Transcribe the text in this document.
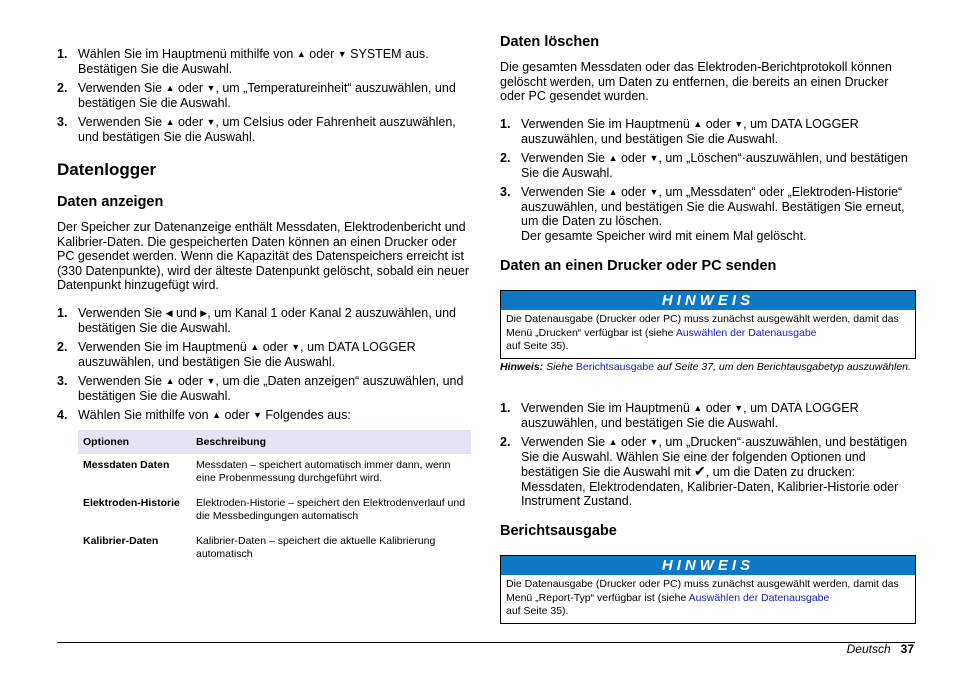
1. Wählen Sie im Hauptmenü mithilfe von ▲ oder ▼ SYSTEM aus. Bestätigen Sie die Auswahl.
2. Verwenden Sie ▲ oder ▼, um „Temperatureinheit“ auszuwählen, und bestätigen Sie die Auswahl.
3. Verwenden Sie ▲ oder ▼, um Celsius oder Fahrenheit auszuwählen, und bestätigen Sie die Auswahl.
Datenlogger
Daten anzeigen

Der Speicher zur Datenanzeige enthält Messdaten, Elektrodenbericht und Kalibrier-Daten. Die gespeicherten Daten können an einen Drucker oder PC gesendet werden. Wenn die Kapazität des Datenspeichers erreicht ist (330 Datenpunkte), wird der älteste Datenpunkt gelöscht, sobald ein neuer Datenpunkt hinzugefügt wird.

1. Verwenden Sie ◀ und ▶, um Kanal 1 oder Kanal 2 auszuwählen, und bestätigen Sie die Auswahl.
2. Verwenden Sie im Hauptmenü ▲ oder ▼, um DATA LOGGER auszuwählen, und bestätigen Sie die Auswahl.
3. Verwenden Sie ▲ oder ▼, um die „Daten anzeigen“ auszuwählen, und bestätigen Sie die Auswahl.
4. Wählen Sie mithilfe von ▲ oder ▼ Folgendes aus:
Optionen	Beschreibung
Messdaten Daten	Messdaten – speichert automatisch immer dann, wenn eine Probenmessung durchgeführt wird.
Elektroden-Historie	Elektroden-Historie – speichert den Elektrodenverlauf und die Messbedingungen automatisch
Kalibrier-Daten	Kalibrier-Daten – speichert die aktuelle Kalibrierung automatisch
Daten löschen

Die gesamten Messdaten oder das Elektroden-Berichtprotokoll können gelöscht werden, um Daten zu entfernen, die bereits an einen Drucker oder PC gesendet wurden.

1. Verwenden Sie im Hauptmenü ▲ oder ▼, um DATA LOGGER auszuwählen, und bestätigen Sie die Auswahl.
2. Verwenden Sie ▲ oder ▼, um „Löschen“·auszuwählen, und bestätigen Sie die Auswahl.
3. Verwenden Sie ▲ oder ▼, um „Messdaten“ oder „Elektroden-Historie“ auszuwählen, und bestätigen Sie die Auswahl. Bestätigen Sie erneut, um die Daten zu löschen.
Der gesamte Speicher wird mit einem Mal gelöscht.
Daten an einen Drucker oder PC senden
HINWEIS
Die Datenausgabe (Drucker oder PC) muss zunächst ausgewählt werden, damit das Menü „Drucken“ verfügbar ist (siehe Auswählen der Datenausgabe
auf Seite 35).
Hinweis: Siehe Berichtsausgabe auf Seite 37, um den Berichtausgabetyp auszuwählen.
1. Verwenden Sie im Hauptmenü ▲ oder ▼, um DATA LOGGER auszuwählen, und bestätigen Sie die Auswahl.
2. Verwenden Sie ▲ oder ▼, um „Drucken“·auszuwählen, und bestätigen Sie die Auswahl. Wählen Sie eine der folgenden Optionen und bestätigen Sie die Auswahl mit ✔, um die Daten zu drucken: Messdaten, Elektrodendaten, Kalibrier-Daten, Kalibrier-Historie oder Instrument Zustand.
Berichtsausgabe
HINWEIS
Die Datenausgabe (Drucker oder PC) muss zunächst ausgewählt werden, damit das Menü „Report-Typ“ verfügbar ist (siehe Auswählen der Datenausgabe
auf Seite 35).
Deutsch 37
